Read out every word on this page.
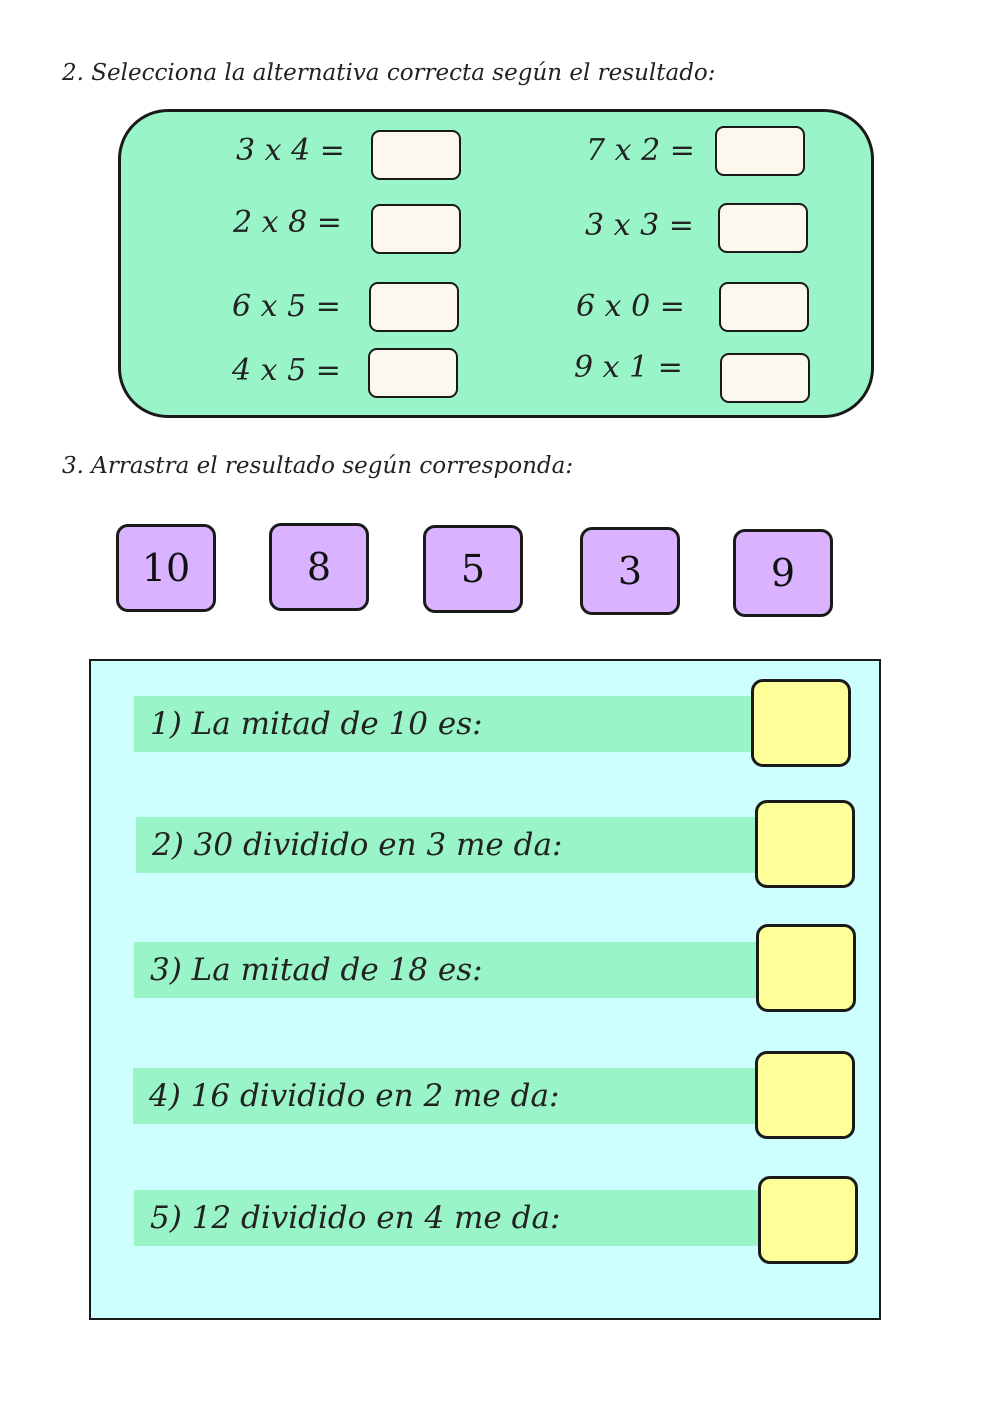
2. Selecciona la alternativa correcta según el resultado:
3 x 4 =
2 x 8 =
6 x 5 =
4 x 5 =
7 x 2 =
3 x 3 =
6 x 0 =
9 x 1 =
3. Arrastra el resultado según corresponda:
10	8	5	3	9
1) La mitad de 10 es:
2) 30 dividido en 3 me da:
3) La mitad de 18 es:
4) 16 dividido en 2 me da:
5) 12 dividido en 4 me da:
